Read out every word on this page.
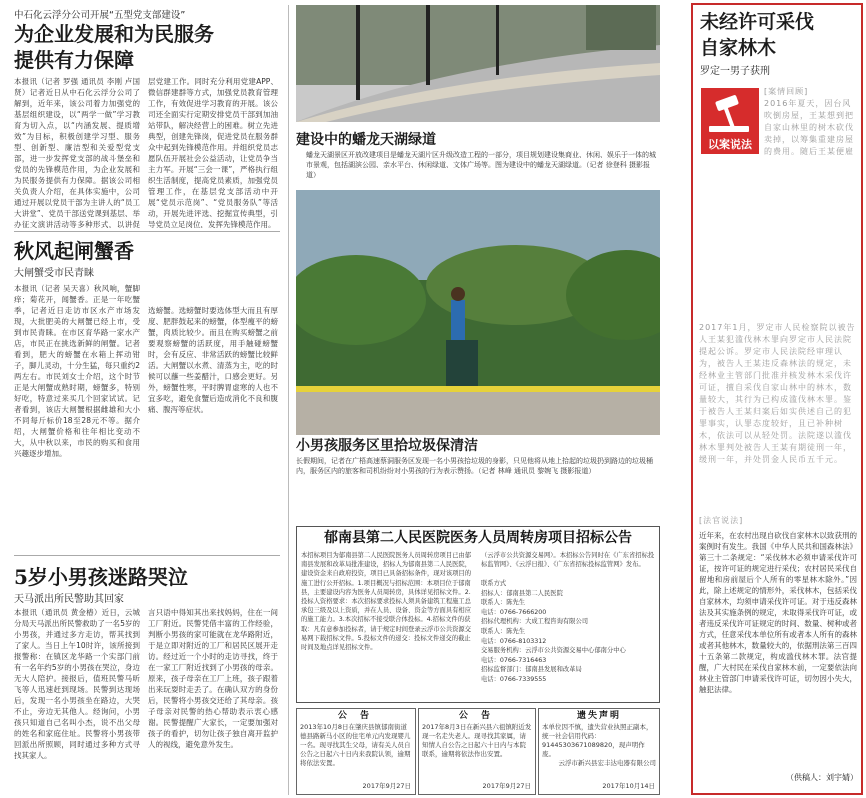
中石化云浮分公司开展“五型党支部建设”
为企业发展和为民服务
提供有力保障
本报讯（记者 罗强 通讯员 李刚 卢国贤）记者近日从中石化云浮分公司了解到，近年来，该公司着力加强党的基层组织建设，以“两学一做”学习教育为切入点，以“内涵发展、提质增效”为目标，积极创建学习型、服务型、创新型、廉洁型和关爱型党支部，进一步发挥党支部的战斗堡垒和党员的先锋模范作用，为企业发展和为民服务提供有力保障。据该公司相关负责人介绍，在具体实施中，公司通过开展以党员干部为主讲人的“员工大讲堂”、党员干部送党课到基层、举办征文演讲活动等多种形式，以讲促
层党建工作。同时充分利用党建APP、微信群建群等方式，加强党员教育管理工作，有效促进学习教育的开展。该公司还全面实行定期安排党员干部到加油站带队，解决经营上的困难。树立先进典型，创建先锋岗，促进党员在服务群众中起到先锋模范作用。并组织党员志愿队伍开展社会公益活动，让党员争当主力军。开展“三会一课”，严格执行组织生活制度，提高党员素质，加强党员管理工作，在基层党支部活动中开展“党员示范岗”、“党员服务队”等活动，开展先进评选、挖掘宣传典型，引导党员立足岗位，发挥先锋模范作用。
秋风起闸蟹香
大闸蟹受市民青睐
本报讯（记者 吴天喜）秋风响，蟹脚痒；菊花开，闻蟹香。正是一年吃蟹季，记者近日走访市区水产市场发现，大批肥美的大闸蟹已经上市，受到市民青睐。在市区育华路一家水产店，市民正在挑选新鲜的闸蟹。记者看到，肥大的螃蟹在水箱上挥动钳子，脚儿灵动，十分生猛，每只重约2两左右。市民刘女士介绍，这个时节正是大闸蟹成熟时期，螃蟹多，特别好吃，特意过来买几个回家试试。记者看到，该店大闸蟹根据雌雄和大小不同每斤标价18至28元不等。据介绍，大闸蟹价格和往年相比变动不大，从中秋以来，市民的购买和食用兴趣逐步增加。
选螃蟹。选螃蟹时要选体型大而且有厚度、肥胖鼓起来的螃蟹，体型瘦平的螃蟹，肉质比较少。而且在购买螃蟹之前要观察螃蟹的活跃度，用手触碰螃蟹时，会有反应、非常活跃的螃蟹比较鲜活。大闸蟹以水煮、清蒸为主，吃的时候可以蘸一些姜醋汁，口感会更好。另外，螃蟹性寒，平时脾胃虚寒的人也不宜多吃，避免食蟹后造成消化不良和腹痛、腹泻等症状。
5岁小男孩迷路哭泣
天马派出所民警助其回家
本报讯（通讯员 黄金椿）近日，云城分局天马派出所民警救助了一名5岁的小男孩，并通过多方走访，帮其找到了家人。当日上午10时许，该所接到报警称：在镇区龙华路一个实部门前有一名年约5岁的小男孩在哭泣，身边无大人陪护。接报后，值班民警马昕飞等人迅速赶到现场。民警到达现场后，发现一名小男孩坐在路边，大哭不止，旁边无其他人。经询问，小男孩只知道自己名叫小杰，说不出父母的姓名和家庭住址。民警将小男孩带回派出所照顾，同时通过多种方式寻找其家人。
言只语中得知其出来找妈妈，住在一间工厂附近。民警凭借丰富的工作经验，判断小男孩的家可能就在龙华路附近，于是立即对附近的工厂和居民区展开走访。经过近一个小时的走访寻找，终于在一家工厂附近找到了小男孩的母亲。原来，孩子母亲在工厂上班，孩子跟着出来玩耍时走丢了。在确认双方的身份后，民警将小男孩交还给了其母亲。孩子母亲对民警的热心帮助表示衷心感谢。民警提醒广大家长，一定要加强对孩子的看护，切勿让孩子独自离开监护人的视线，避免意外发生。
建设中的蟠龙天湖绿道
蟠龙天湖景区开放改建项目是蟠龙天湖片区升级改造工程的一部分，项目规划建设集商业、休闲、娱乐于一体的城市景观，包括湖滨公园、亲水平台、休闲绿道、文体广场等。图为建设中的蟠龙天湖绿道。（记者 徐登科 摄影报道）
小男孩服务区里拾垃圾保清洁
长假期间，记者在广梧高速蔡洞服务区发现一名小男孩拾垃圾的身影，只见他将从地上拾起的垃圾扔到路边的垃圾桶内，服务区内的旅客和司机纷纷对小男孩的行为表示赞扬。（记者 林峰 通讯员 黎婉飞 摄影报道）
郁南县第二人民医院医务人员周转房项目招标公告
本招标项目为郁南县第二人民医院医务人员周转房项目已由郁南县发展和改革局批准建设，招标人为郁南县第二人民医院，建设资金来自政府投资，项目已具备招标条件，现对该项目的施工进行公开招标。1.项目概况与招标范围：本项目位于郁南县，主要建设内容为医务人员周转房，具体详见招标文件。2.投标人资格要求：本次招标要求投标人须具备建筑工程施工总承包三级及以上资质，并在人员、设备、资金等方面具有相应的施工能力。3.本次招标不接受联合体投标。4.招标文件的获取：凡有意参加投标者，请于规定时间登录云浮市公共资源交易网下载招标文件。5.投标文件的递交：投标文件递交的截止时间及地点详见招标文件。
（云浮市公共资源交易网）。本招标公告同时在《广东省招标投标监管网》、《云浮日报》、《广东省招标投标监管网》发布。
联系方式
招标人：郁南县第二人民医院
联系人：陈先生
电话：0766-7666200
招标代理机构：大成工程咨询有限公司
联系人：陈先生
电话：0766-8103312
交易服务机构：云浮市公共资源交易中心郁南分中心
电话：0766-7316463
招标监督部门：郁南县发展和改革局
电话：0766-7339555
公 告
2013年10月8日在肇庆县镇郁南街道德县路新马小区的住宅单元内发现婴儿一名。现寻找其生父母，请有关人员自公告之日起六十日内来我院认领，逾期将依法安置。
2017年9月27日
公 告
2017年8月3日在新兴县六祖镇附近发现一名走失老人。现寻找其家属，请知情人自公告之日起六十日内与本院联系，逾期将依法作出安置。
2017年9月27日
遗失声明
本单位因不慎，遗失营业执照正副本，统一社会信用代码：91445303671089820，现声明作废。
云浮市新兴县宏丰达电器有限公司
2017年10月14日
未经许可采伐
自家林木
罗定一男子获刑
以案说法
[案情回顾]
2016年夏天，因台风吹倒房屋，王某想到把自家山林里的树木砍伐卖掉，以筹集重建房屋的费用。随后王某便雇
2017年1月，罗定市人民检察院以被告人王某犯滥伐林木罪向罗定市人民法院提起公诉。罗定市人民法院经审理认为，被告人王某违反森林法的规定，未经林业主管部门批准并核发林木采伐许可证，擅自采伐自家山林中的林木，数量较大，其行为已构成滥伐林木罪。鉴于被告人王某归案后如实供述自己的犯罪事实，认罪态度较好，且已补种树木，依法可以从轻处罚。法院遂以滥伐林木罪判处被告人王某有期徒刑一年，缓刑一年，并处罚金人民币五千元。
[法官说法]
近年来，在农村出现自砍伐自家林木以致获刑的案例时有发生。我国《中华人民共和国森林法》第三十二条规定：“采伐林木必须申请采伐许可证，按许可证的规定进行采伐；农村居民采伐自留地和房前屋后个人所有的零星林木除外。”因此，除上述规定的情形外，采伐林木，包括采伐自家林木，均须申请采伐许可证。对于违反森林法及其实施条例的规定，未取得采伐许可证，或者违反采伐许可证规定的时间、数量、树种或者方式，任意采伐本单位所有或者本人所有的森林或者其他林木，数量较大的，依据刑法第三百四十五条第二款规定，构成滥伐林木罪。法官提醒，广大村民在采伐自家林木前，一定要依法向林业主管部门申请采伐许可证，切勿因小失大，触犯法律。
（供稿人：刘宇婧）
